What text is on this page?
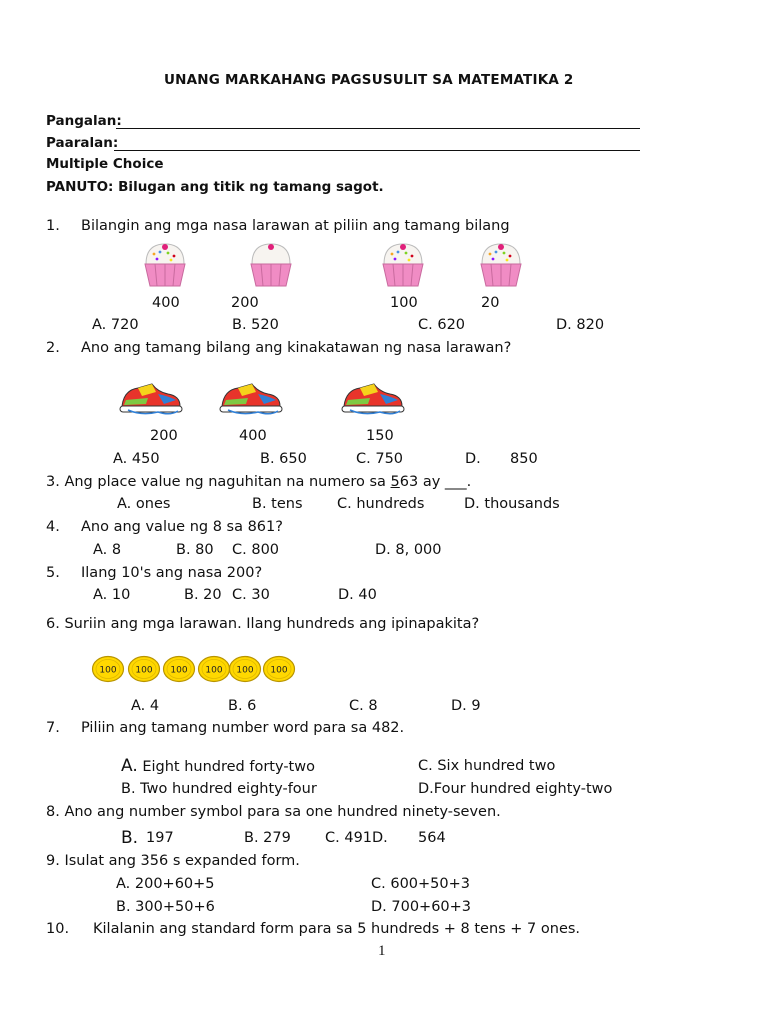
UNANG MARKAHANG PAGSUSULIT SA MATEMATIKA 2
Pangalan:
Paaralan:
Multiple Choice
PANUTO: Bilugan ang titik ng tamang sagot.
1. Bilangin ang mga nasa larawan at piliin ang tamang bilang
400	200	100	20
A. 720	B. 520	C. 620	D. 820
2. Ano ang tamang bilang ang kinakatawan ng nasa larawan?
200	400	150
A. 450	B. 650	C. 750	D. 850
3. Ang place value ng naguhitan na numero sa 563 ay ___.
A. ones	B. tens C. hundreds	D. thousands
4. Ano ang value ng 8 sa 861?
A. 8	B. 80 C. 800	D. 8, 000
5. Ilang 10's ang nasa 200?
A. 10	B. 20 C. 30	D. 40
6. Suriin ang mga larawan. Ilang hundreds ang ipinapakita?
100 100 100 100 100 100
A. 4	B. 6	C. 8	D. 9
7. Piliin ang tamang number word para sa 482.
A. Eight hundred forty-two	C. Six hundred two
B. Two hundred eighty-four	D.Four hundred eighty-two
8. Ano ang number symbol para sa one hundred ninety-seven.
B. 197	B. 279 C. 491 D. 564
9. Isulat ang 356 s expanded form.
A. 200+60+5	C. 600+50+3
B. 300+50+6	D. 700+60+3
10. Kilalanin ang standard form para sa 5 hundreds + 8 tens + 7 ones.
1
